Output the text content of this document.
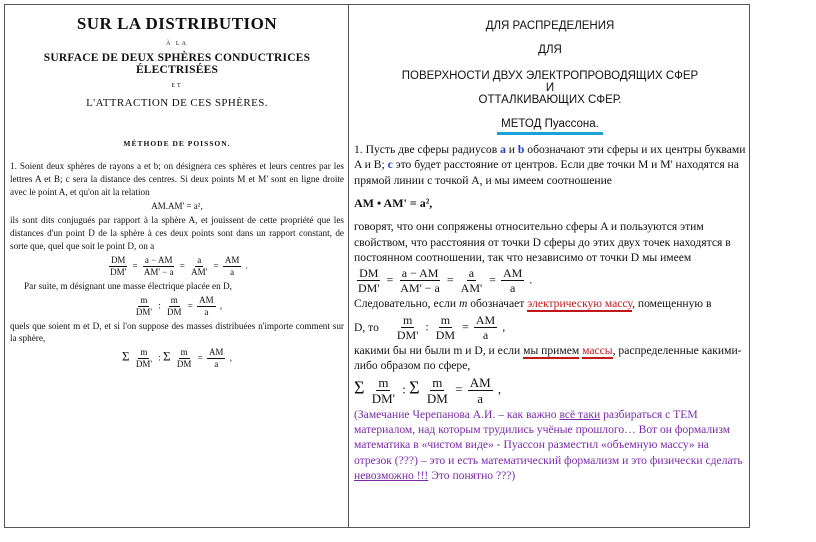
SUR LA DISTRIBUTION
À LA
SURFACE DE DEUX SPHÈRES CONDUCTRICES ÉLECTRISÉES
ET
L'ATTRACTION DE CES SPHÈRES.
MÉTHODE DE POISSON.

1. Soient deux sphères de rayons a et b; on désignera ces sphères et leurs centres par les lettres A et B; c sera la distance des centres. Si deux points M et M' sont en ligne droite avec le point A, et qu'on ait la relation

AM.AM' = a²,

ils sont dits conjugués par rapport à la sphère A, et jouissent de cette propriété que les distances d'un point D de la sphère à ces deux points sont dans un rapport constant, de sorte que, quel que soit le point D, on a

$\frac{DM}{DM'} = \frac{a - AM}{AM' - a} = \frac{a}{AM'} = \frac{AM}{a}$ .

Par suite, m désignant une masse électrique placée en D,

$\frac{m}{DM'}$ : $\frac{m}{DM} = \frac{AM}{a}$ ,

quels que soient m et D, et si l'on suppose des masses distribuées n'importe comment sur la sphère,

Σ $\frac{m}{DM'}$ : Σ $\frac{m}{DM} = \frac{AM}{a}$ ,
ДЛЯ РАСПРЕДЕЛЕНИЯ
ДЛЯ
ПОВЕРХНОСТИ ДВУХ ЭЛЕКТРОПРОВОДЯЩИХ СФЕР
И
ОТТАЛКИВАЮЩИХ СФЕР.
МЕТОД Пуассона.

1. Пусть две сферы радиусов a и b обозначают эти сферы и их центры буквами A и B; c это будет расстояние от центров. Если две точки M и M' находятся на прямой линии с точкой A, и мы имеем соотношение

AM • AM' = a²,

говорят, что они сопряжены относительно сферы A и пользуются этим свойством, что расстояния от точки D сферы до этих двух точек находятся в постоянном соотношении, так что независимо от точки D мы имеем

$\frac{DM}{DM'} = \frac{a - AM}{AM' - a} = \frac{a}{AM'} = \frac{AM}{a}$ .

Следовательно, если m обозначает электрическую массу, помещенную в

D, то $\frac{m}{DM'}$ : $\frac{m}{DM} = \frac{AM}{a}$ ,

какими бы ни были m и D, и если мы примем массы, распределенные какими-либо образом по сфере,

Σ $\frac{m}{DM'}$ : Σ $\frac{m}{DM} = \frac{AM}{a}$ ,

(Замечание Черепанова А.И. – как важно всё таки разбираться с ТЕМ материалом, над которым трудились учёные прошлого… Вот он формализм математика в «чистом виде» - Пуассон разместил «объемную массу» на отрезок (???) – это и есть математический формализм и это физически сделать невозможно !!! Это понятно ???)
